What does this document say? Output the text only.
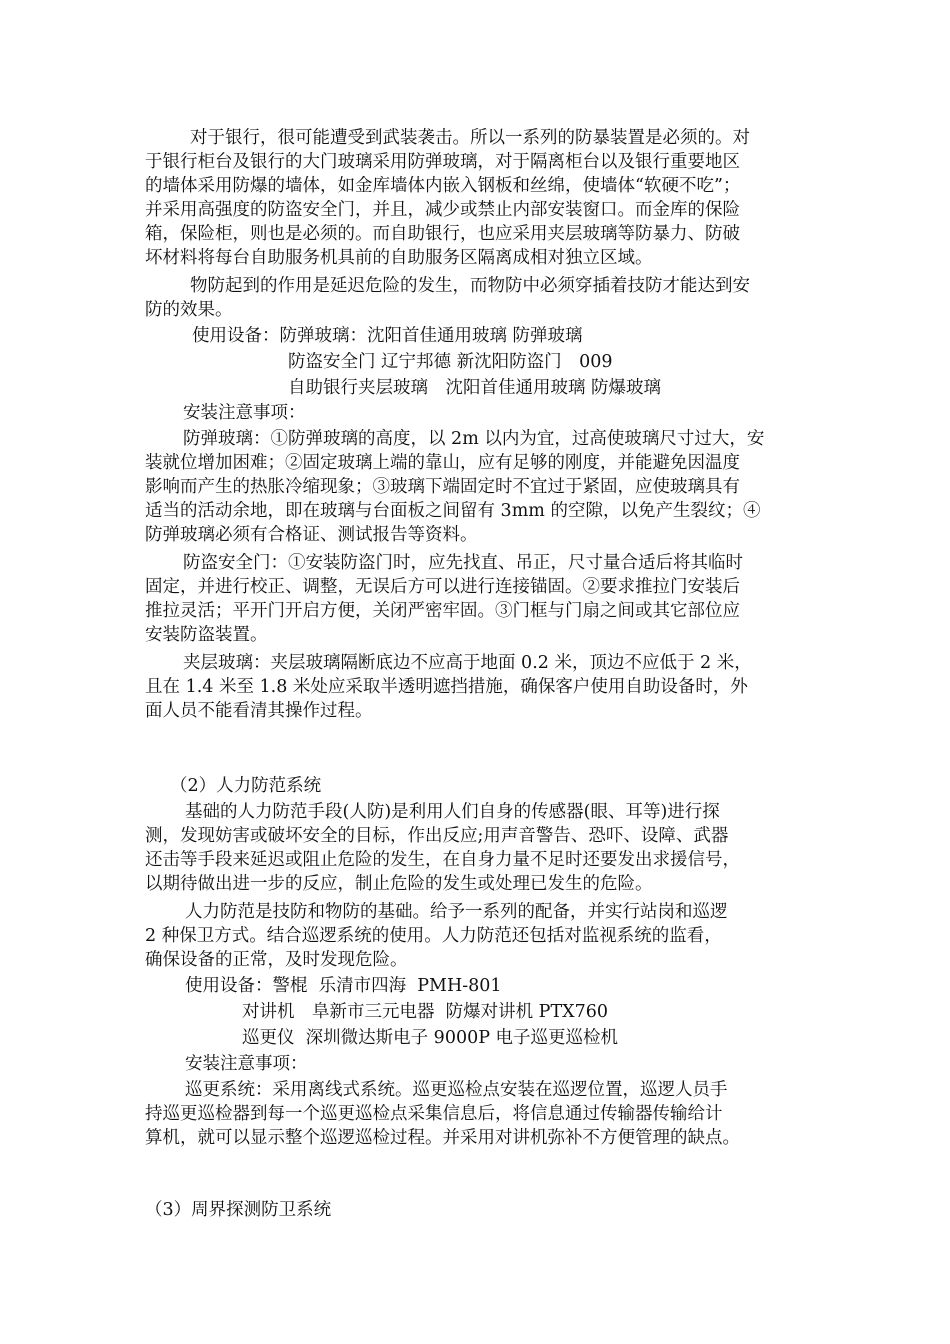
对于银行，很可能遭受到武装袭击。所以一系列的防暴装置是必须的。对
于银行柜台及银行的大门玻璃采用防弹玻璃，对于隔离柜台以及银行重要地区
的墙体采用防爆的墙体，如金库墙体内嵌入钢板和丝绵，使墙体“软硬不吃”；
并采用高强度的防盗安全门，并且，减少或禁止内部安装窗口。而金库的保险
箱，保险柜，则也是必须的。而自助银行，也应采用夹层玻璃等防暴力、防破
坏材料将每台自助服务机具前的自助服务区隔离成相对独立区域。
物防起到的作用是延迟危险的发生，而物防中必须穿插着技防才能达到安
防的效果。
使用设备：防弹玻璃：沈阳首佳通用玻璃 防弹玻璃
防盗安全门 辽宁邦德 新沈阳防盗门　009
自助银行夹层玻璃　沈阳首佳通用玻璃 防爆玻璃
安装注意事项：
防弹玻璃：①防弹玻璃的高度，以 2m 以内为宜，过高使玻璃尺寸过大，安
装就位增加困难；②固定玻璃上端的靠山，应有足够的刚度，并能避免因温度
影响而产生的热胀冷缩现象；③玻璃下端固定时不宜过于紧固，应使玻璃具有
适当的活动余地，即在玻璃与台面板之间留有 3mm 的空隙，以免产生裂纹；④
防弹玻璃必须有合格证、测试报告等资料。
防盗安全门：①安装防盗门时，应先找直、吊正，尺寸量合适后将其临时
固定，并进行校正、调整，无误后方可以进行连接锚固。②要求推拉门安装后
推拉灵活；平开门开启方便，关闭严密牢固。③门框与门扇之间或其它部位应
安装防盗装置。
夹层玻璃：夹层玻璃隔断底边不应高于地面 0.2 米，顶边不应低于 2 米，
且在 1.4 米至 1.8 米处应采取半透明遮挡措施，确保客户使用自助设备时，外
面人员不能看清其操作过程。
（2）人力防范系统
基础的人力防范手段(人防)是利用人们自身的传感器(眼、耳等)进行探
测，发现妨害或破坏安全的目标，作出反应;用声音警告、恐吓、设障、武器
还击等手段来延迟或阻止危险的发生，在自身力量不足时还要发出求援信号，
以期待做出进一步的反应，制止危险的发生或处理已发生的危险。
人力防范是技防和物防的基础。给予一系列的配备，并实行站岗和巡逻
2 种保卫方式。结合巡逻系统的使用。人力防范还包括对监视系统的监看，
确保设备的正常，及时发现危险。
使用设备：警棍  乐清市四海  PMH-801
对讲机　阜新市三元电器  防爆对讲机 PTX760
巡更仪  深圳微达斯电子 9000P 电子巡更巡检机
安装注意事项：
巡更系统：采用离线式系统。巡更巡检点安装在巡逻位置，巡逻人员手
持巡更巡检器到每一个巡更巡检点采集信息后，将信息通过传输器传输给计
算机，就可以显示整个巡逻巡检过程。并采用对讲机弥补不方便管理的缺点。
（3）周界探测防卫系统
